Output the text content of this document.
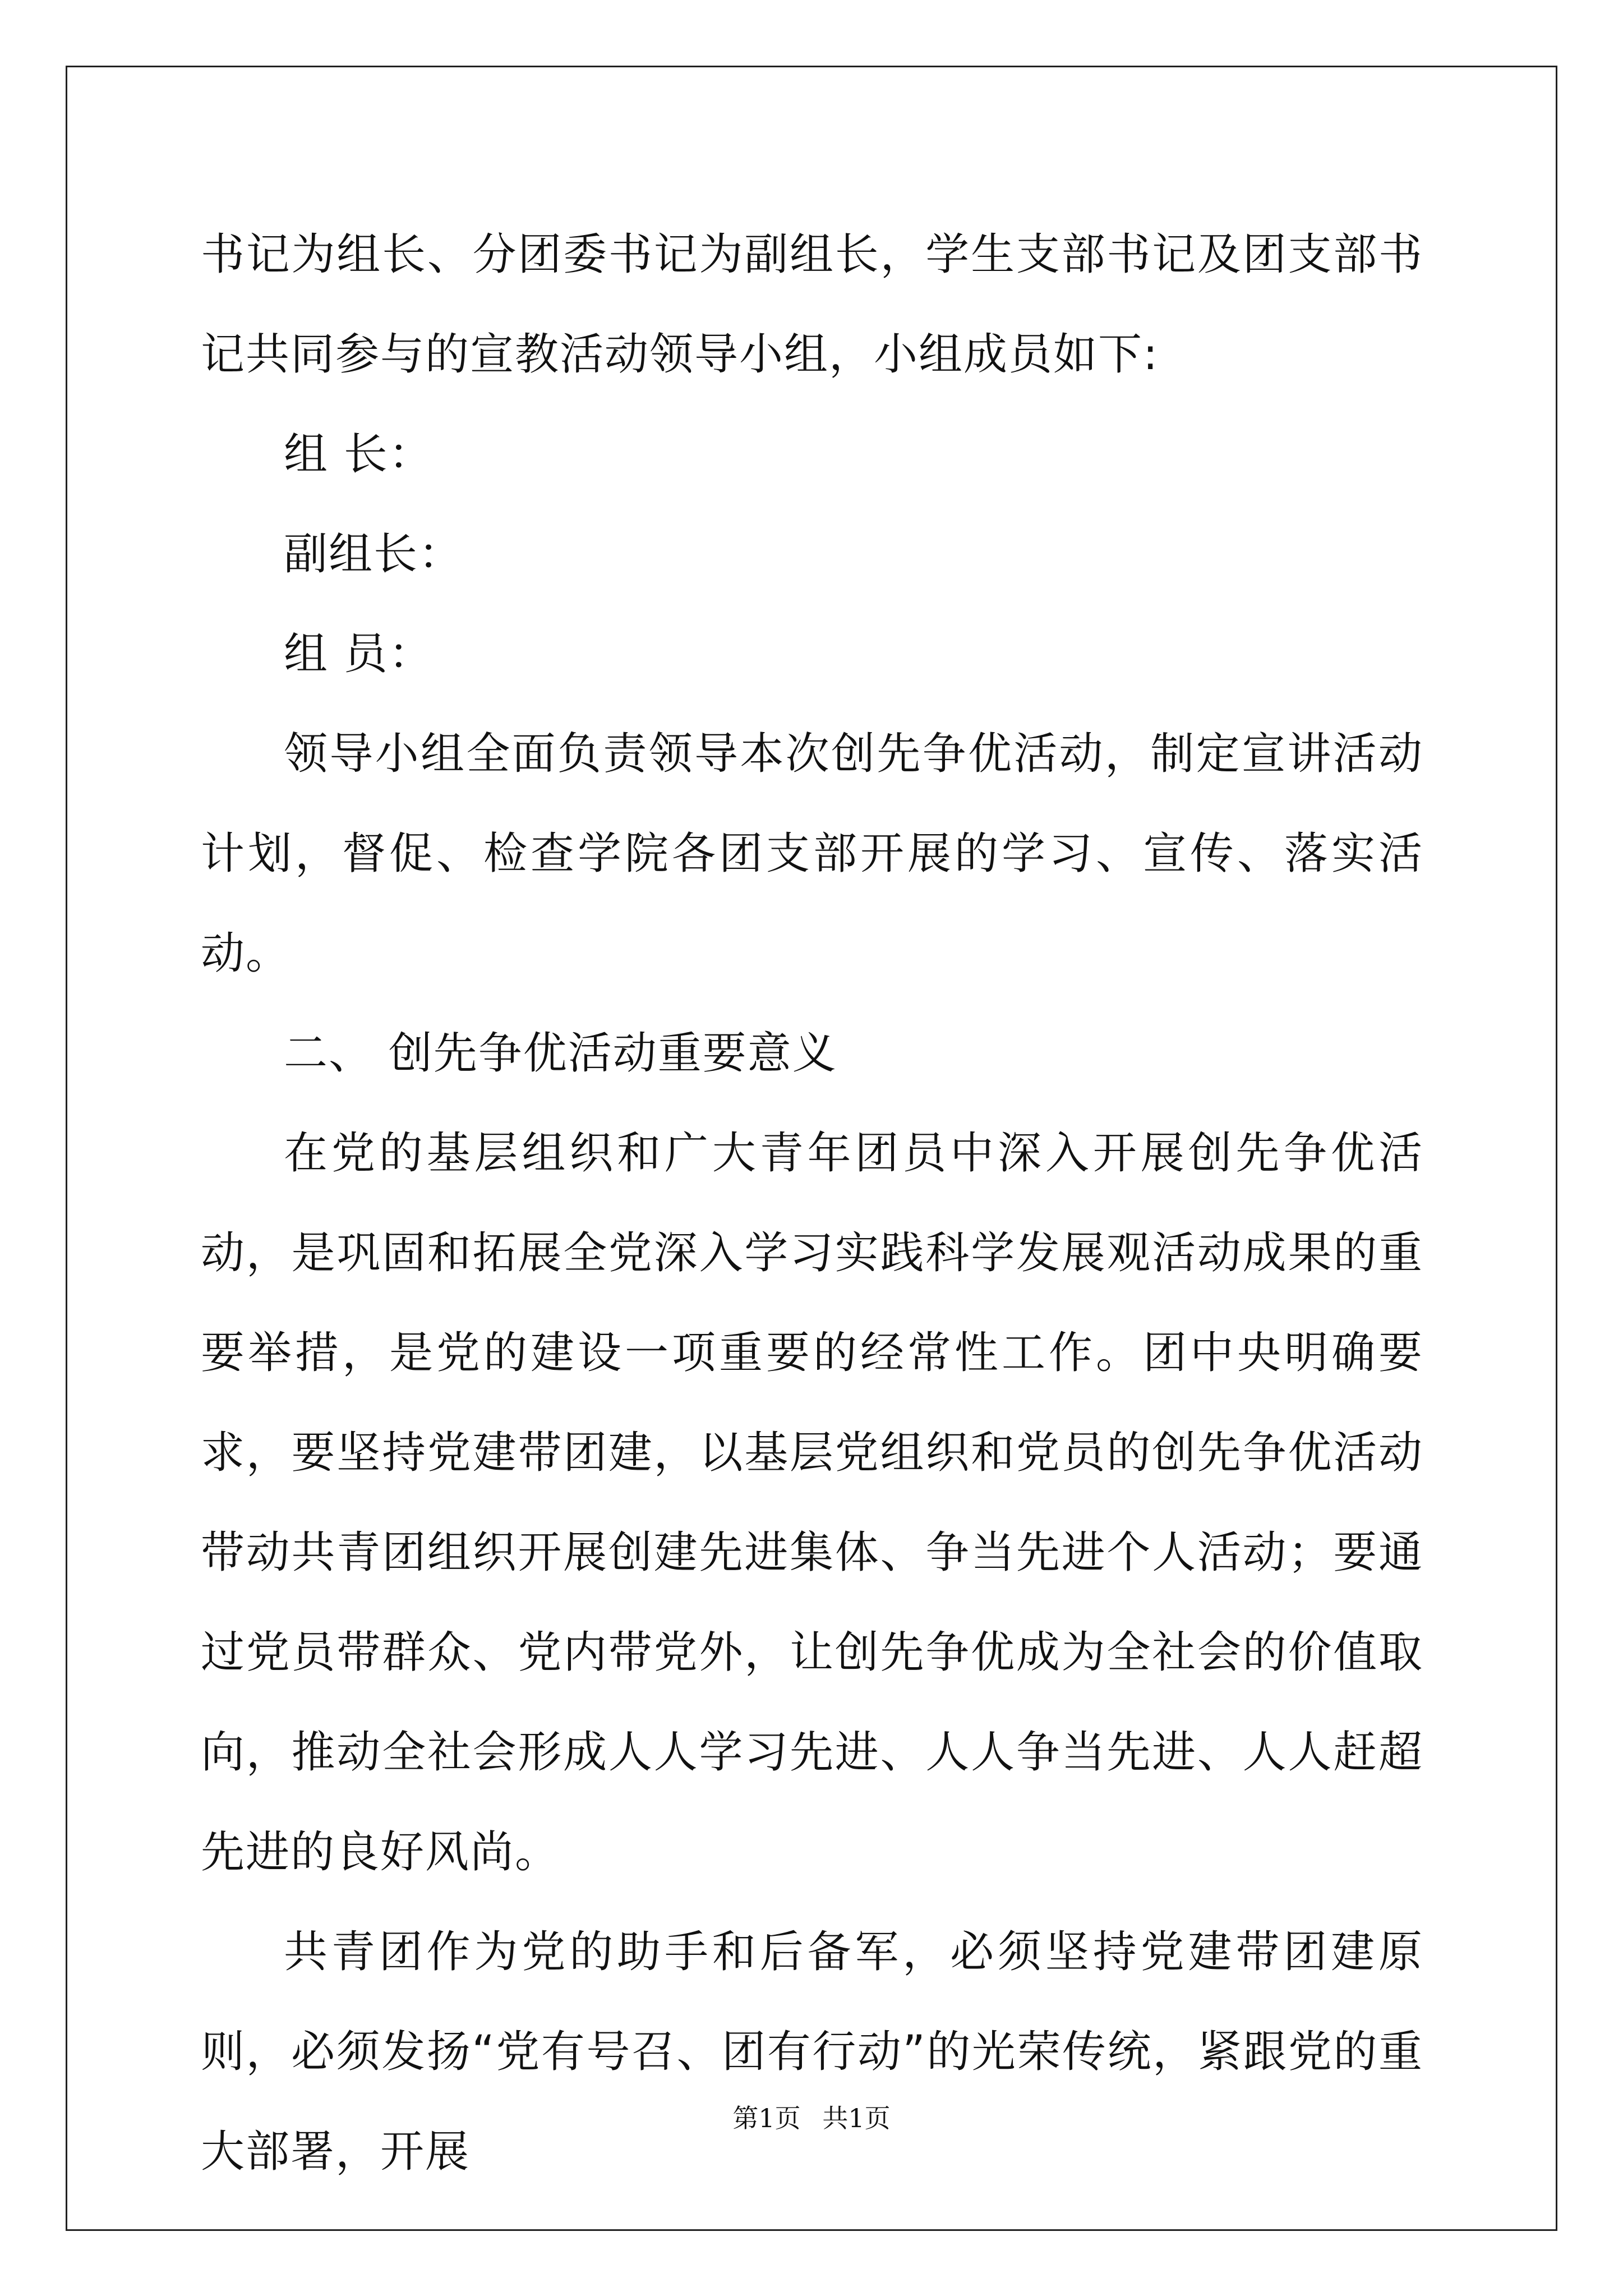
书记为组长、分团委书记为副组长，学生支部书记及团支部书记共同参与的宣教活动领导小组，小组成员如下:

组 长：

副组长：

组 员：

领导小组全面负责领导本次创先争优活动，制定宣讲活动计划，督促、检查学院各团支部开展的学习、宣传、落实活动。

二、 创先争优活动重要意义

在党的基层组织和广大青年团员中深入开展创先争优活动，是巩固和拓展全党深入学习实践科学发展观活动成果的重要举措，是党的建设一项重要的经常性工作。团中央明确要求，要坚持党建带团建，以基层党组织和党员的创先争优活动带动共青团组织开展创建先进集体、争当先进个人活动；要通过党员带群众、党内带党外，让创先争优成为全社会的价值取向，推动全社会形成人人学习先进、人人争当先进、人人赶超先进的良好风尚。

共青团作为党的助手和后备军，必须坚持党建带团建原则，必须发扬“党有号召、团有行动”的光荣传统，紧跟党的重大部署，开展

第1页 共1页
